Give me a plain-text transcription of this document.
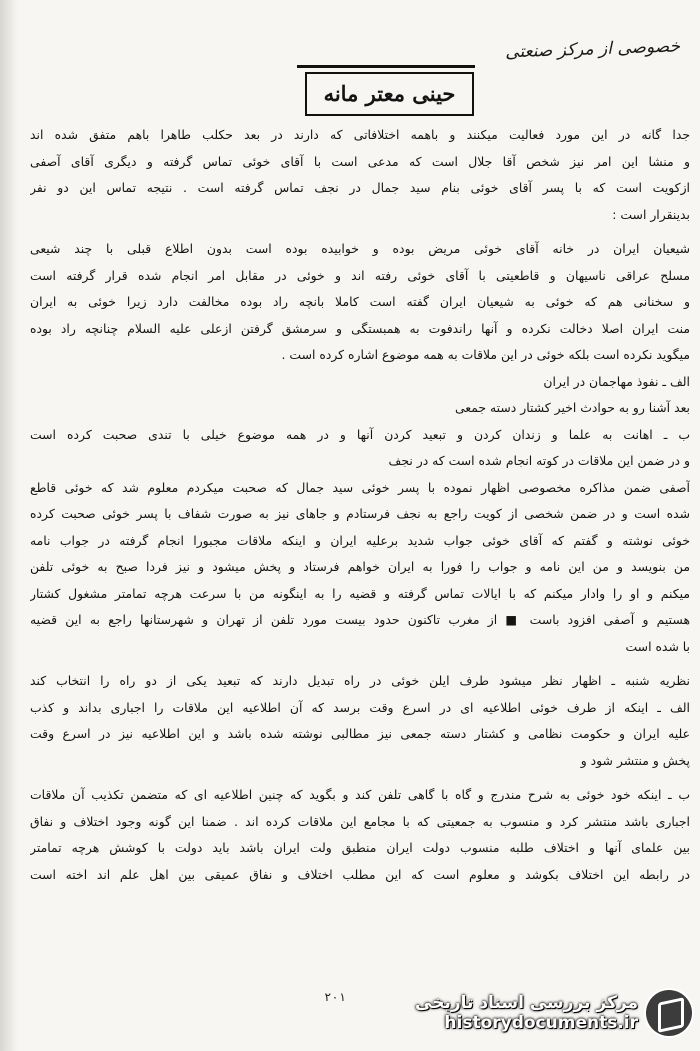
خصوصی از مرکز صنعتی
حینی معتر مانه
جدا گانه در این مورد فعالیت میکنند و باهمه اختلافاتی که دارند در بعد حکلب طاهرا باهم متفق شده اند
و منشا این امر نیز شخص آقا جلال است که مدعی است با آقای خوئی تماس گرفته و دیگری آقای آصفی
ازکویت است که با پسر آقای خوئی بنام سید جمال در نجف تماس گرفته است . نتیجه تماس این دو نفر
بدینقرار است :
شیعیان ایران در خانه آقای خوئی مریض بوده و خوابیده بوده است بدون اطلاع قبلی با چند شیعی
مسلح عراقی ناسیهان و قاطعیتی با آقای خوئی رفته اند و خوئی در مقابل امر انجام شده قرار گرفته است
و سخنانی هم که خوئی به شیعیان ایران گفته است کاملا بانچه راد بوده مخالفت دارد زیرا خوئی به ایران
منت ایران اصلا دخالت نکرده و آنها راندفوت به همبستگی و سرمشق گرفتن ازعلی علیه السلام چنانچه راد بوده
میگوید نکرده است بلکه خوئی در این ملاقات به همه موضوع اشاره کرده است .
الف ـ نفوذ مهاجمان در ایران
بعد آشنا رو به حوادث اخیر کشتار دسته جمعی
ب ـ اهانت به علما و زندان کردن و تبعید کردن آنها و در همه موضوع خیلی با تندی صحبت کرده است
و در ضمن این ملاقات در کوته انجام شده است که در نجف
آصفی ضمن مذاکره مخصوصی اظهار نموده با پسر خوئی سید جمال که صحبت میکردم معلوم شد که خوئی قاطع
شده است و در ضمن شخصی از کویت راجع به نجف فرستادم و جاهای نیز به صورت شفاف با پسر خوئی صحبت کرده
خوئی نوشته و گفتم که آقای خوئی جواب شدید برعلیه ایران و اینکه ملاقات مجبورا انجام گرفته در جواب نامه
من بنویسد و من این نامه و جواب را فورا به ایران خواهم فرستاد و پخش میشود و نیز فردا صبح به خوئی تلفن
میکنم و او را وادار میکنم که با ایالات تماس گرفته و قضیه را به اینگونه من با سرعت هرچه تمامتر مشغول کشتار
هستیم و آصفی افزود باست ■ از مغرب تاکنون حدود بیست مورد تلفن از تهران و شهرستانها راجع به این قضیه
با شده است
نظریه شنبه ـ اظهار نظر میشود طرف ایلن خوئی در راه تبدیل دارند که تبعید یکی از دو راه را انتخاب کند
الف ـ اینکه از طرف خوئی اطلاعیه ای در اسرع وقت برسد که آن اطلاعیه این ملاقات را اجباری بداند و کذب
علیه ایران و حکومت نظامی و کشتار دسته جمعی نیز مطالبی نوشته شده باشد و این اطلاعیه نیز در اسرع وقت
پخش و منتشر شود و
ب ـ اینکه خود خوئی به شرح مندرج و گاه با گاهی تلفن کند و بگوید که چنین اطلاعیه ای که متضمن تکذیب آن ملاقات
اجباری باشد منتشر کرد و منسوب به جمعیتی که با مجامع این ملاقات کرده اند . ضمنا این گونه وجود اختلاف و نفاق
بین علمای آنها و اختلاف طلبه منسوب دولت ایران منطبق ولت ایران باشد باید دولت با کوشش هرچه تمامتر
در رابطه این اختلاف بکوشد و معلوم است که این مطلب اختلاف و نفاق عمیقی بین اهل علم اند اخته است
۲۰۱	مرکز بررسی اسناد تاریخی
historydocuments.ir
